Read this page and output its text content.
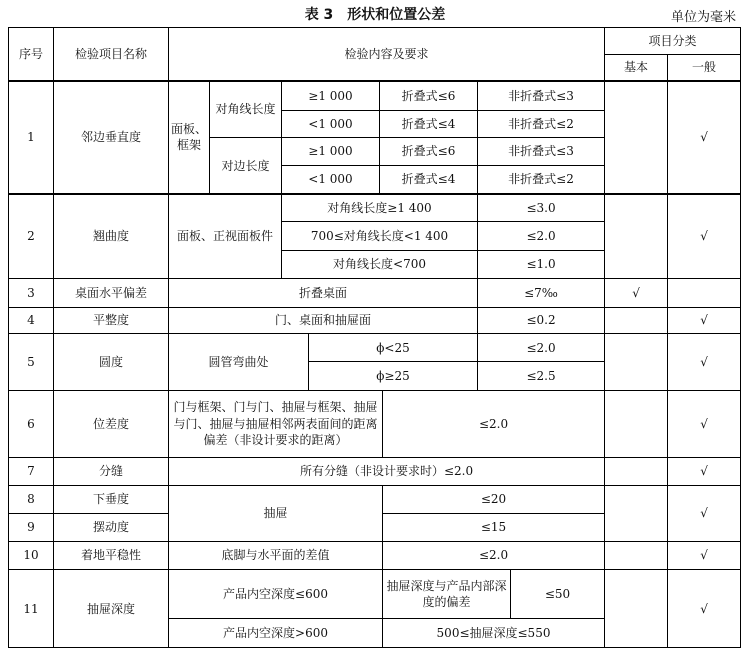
表 3　形状和位置公差	单位为毫米
序号	检验项目名称	检验内容及要求								项目分类	
										基本	一般
1	邻边垂直度	面板、框架	对角线长度	≥1 000		折叠式≤6		非折叠式≤3			√
				<1 000		折叠式≤4		非折叠式≤2			
			对边长度	≥1 000		折叠式≤6		非折叠式≤3			
				<1 000		折叠式≤4		非折叠式≤2			
2	翘曲度	面板、正视面板件		对角线长度≥1 400				≤3.0			√
				700≤对角线长度<1 400				≤2.0			
				对角线长度<700				≤1.0			
3	桌面水平偏差	折叠桌面						≤7‰		√	
4	平整度	门、桌面和抽屉面						≤0.2			√
5	圆度	圆管弯曲处			ϕ<25			≤2.0			√
					ϕ≥25			≤2.5			
6	位差度	门与框架、门与门、抽屉与框架、抽屉与门、抽屉与抽屉相邻两表面间的距离偏差（非设计要求的距离）					≤2.0				√
7	分缝	所有分缝（非设计要求时）≤2.0									√
8	下垂度	抽屉					≤20				√
9	摆动度						≤15				
10	着地平稳性	底脚与水平面的差值					≤2.0				√
11	抽屉深度	产品内空深度≤600					抽屉深度与产品内部深度的偏差		≤50		√
		产品内空深度>600					500≤抽屉深度≤550				
